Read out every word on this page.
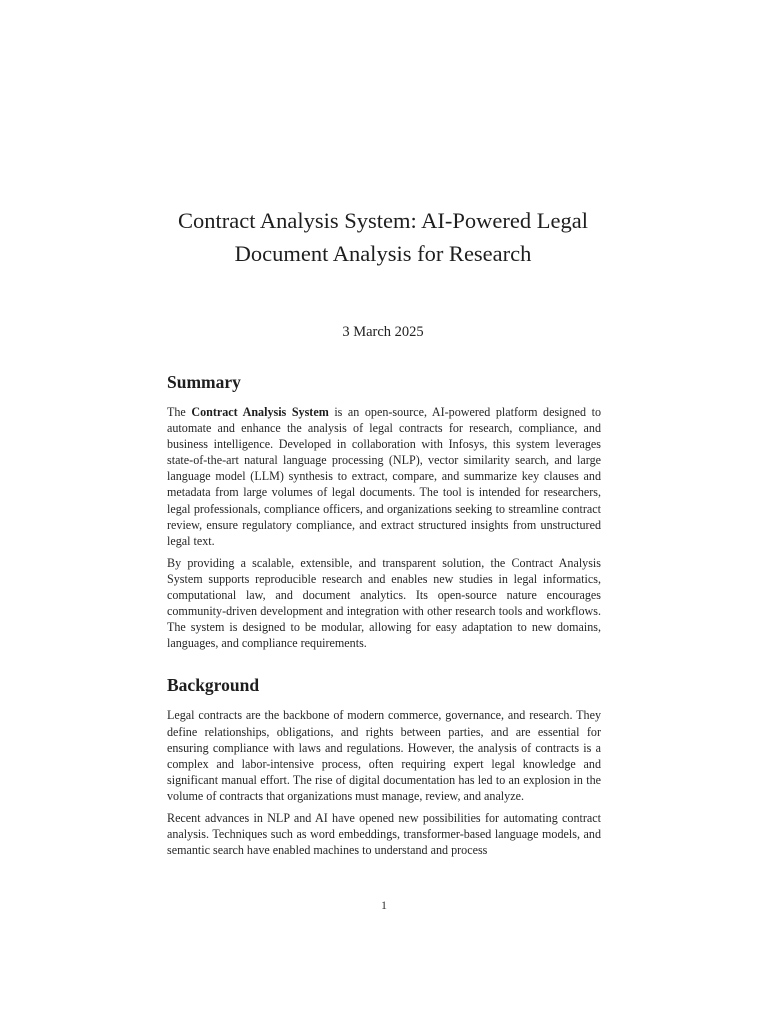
Contract Analysis System: AI-Powered Legal Document Analysis for Research

3 March 2025

Summary

The Contract Analysis System is an open-source, AI-powered platform designed to automate and enhance the analysis of legal contracts for research, compliance, and business intelligence. Developed in collaboration with Infosys, this system leverages state-of-the-art natural language processing (NLP), vector similarity search, and large language model (LLM) synthesis to extract, compare, and summarize key clauses and metadata from large volumes of legal documents. The tool is intended for researchers, legal professionals, compliance officers, and organizations seeking to streamline contract review, ensure regulatory compliance, and extract structured insights from unstructured legal text.

By providing a scalable, extensible, and transparent solution, the Contract Analysis System supports reproducible research and enables new studies in legal informatics, computational law, and document analytics. Its open-source nature encourages community-driven development and integration with other research tools and workflows. The system is designed to be modular, allowing for easy adaptation to new domains, languages, and compliance requirements.

Background

Legal contracts are the backbone of modern commerce, governance, and research. They define relationships, obligations, and rights between parties, and are essential for ensuring compliance with laws and regulations. However, the analysis of contracts is a complex and labor-intensive process, often requiring expert legal knowledge and significant manual effort. The rise of digital documentation has led to an explosion in the volume of contracts that organizations must manage, review, and analyze.

Recent advances in NLP and AI have opened new possibilities for automating contract analysis. Techniques such as word embeddings, transformer-based language models, and semantic search have enabled machines to understand and process

1
